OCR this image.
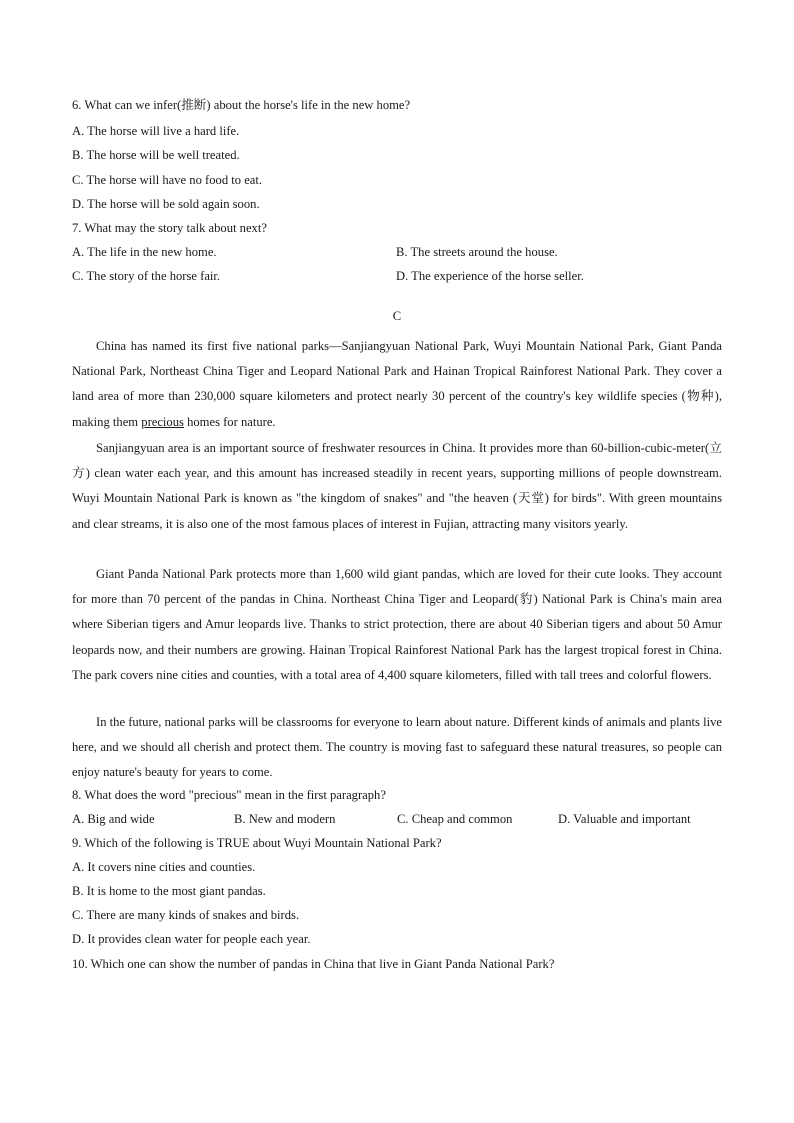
6. What can we infer(推断) about the horse's life in the new home?
A. The horse will live a hard life.
B. The horse will be well treated.
C. The horse will have no food to eat.
D. The horse will be sold again soon.
7. What may the story talk about next?
A. The life in the new home.	B. The streets around the house.
C. The story of the horse fair.	D. The experience of the horse seller.
C
China has named its first five national parks—Sanjiangyuan National Park, Wuyi Mountain National Park, Giant Panda National Park, Northeast China Tiger and Leopard National Park and Hainan Tropical Rainforest National Park. They cover a land area of more than 230,000 square kilometers and protect nearly 30 percent of the country's key wildlife species (物种), making them precious homes for nature.
Sanjiangyuan area is an important source of freshwater resources in China. It provides more than 60-billion-cubic-meter(立方) clean water each year, and this amount has increased steadily in recent years, supporting millions of people downstream. Wuyi Mountain National Park is known as "the kingdom of snakes" and "the heaven (天堂) for birds". With green mountains and clear streams, it is also one of the most famous places of interest in Fujian, attracting many visitors yearly.
Giant Panda National Park protects more than 1,600 wild giant pandas, which are loved for their cute looks. They account for more than 70 percent of the pandas in China. Northeast China Tiger and Leopard(豹) National Park is China's main area where Siberian tigers and Amur leopards live. Thanks to strict protection, there are about 40 Siberian tigers and about 50 Amur leopards now, and their numbers are growing. Hainan Tropical Rainforest National Park has the largest tropical forest in China. The park covers nine cities and counties, with a total area of 4,400 square kilometers, filled with tall trees and colorful flowers.
In the future, national parks will be classrooms for everyone to learn about nature. Different kinds of animals and plants live here, and we should all cherish and protect them. The country is moving fast to safeguard these natural treasures, so people can enjoy nature's beauty for years to come.
8. What does the word "precious" mean in the first paragraph?
A. Big and wide	B. New and modern	C. Cheap and common	D. Valuable and important
9. Which of the following is TRUE about Wuyi Mountain National Park?
A. It covers nine cities and counties.
B. It is home to the most giant pandas.
C. There are many kinds of snakes and birds.
D. It provides clean water for people each year.
10. Which one can show the number of pandas in China that live in Giant Panda National Park?
